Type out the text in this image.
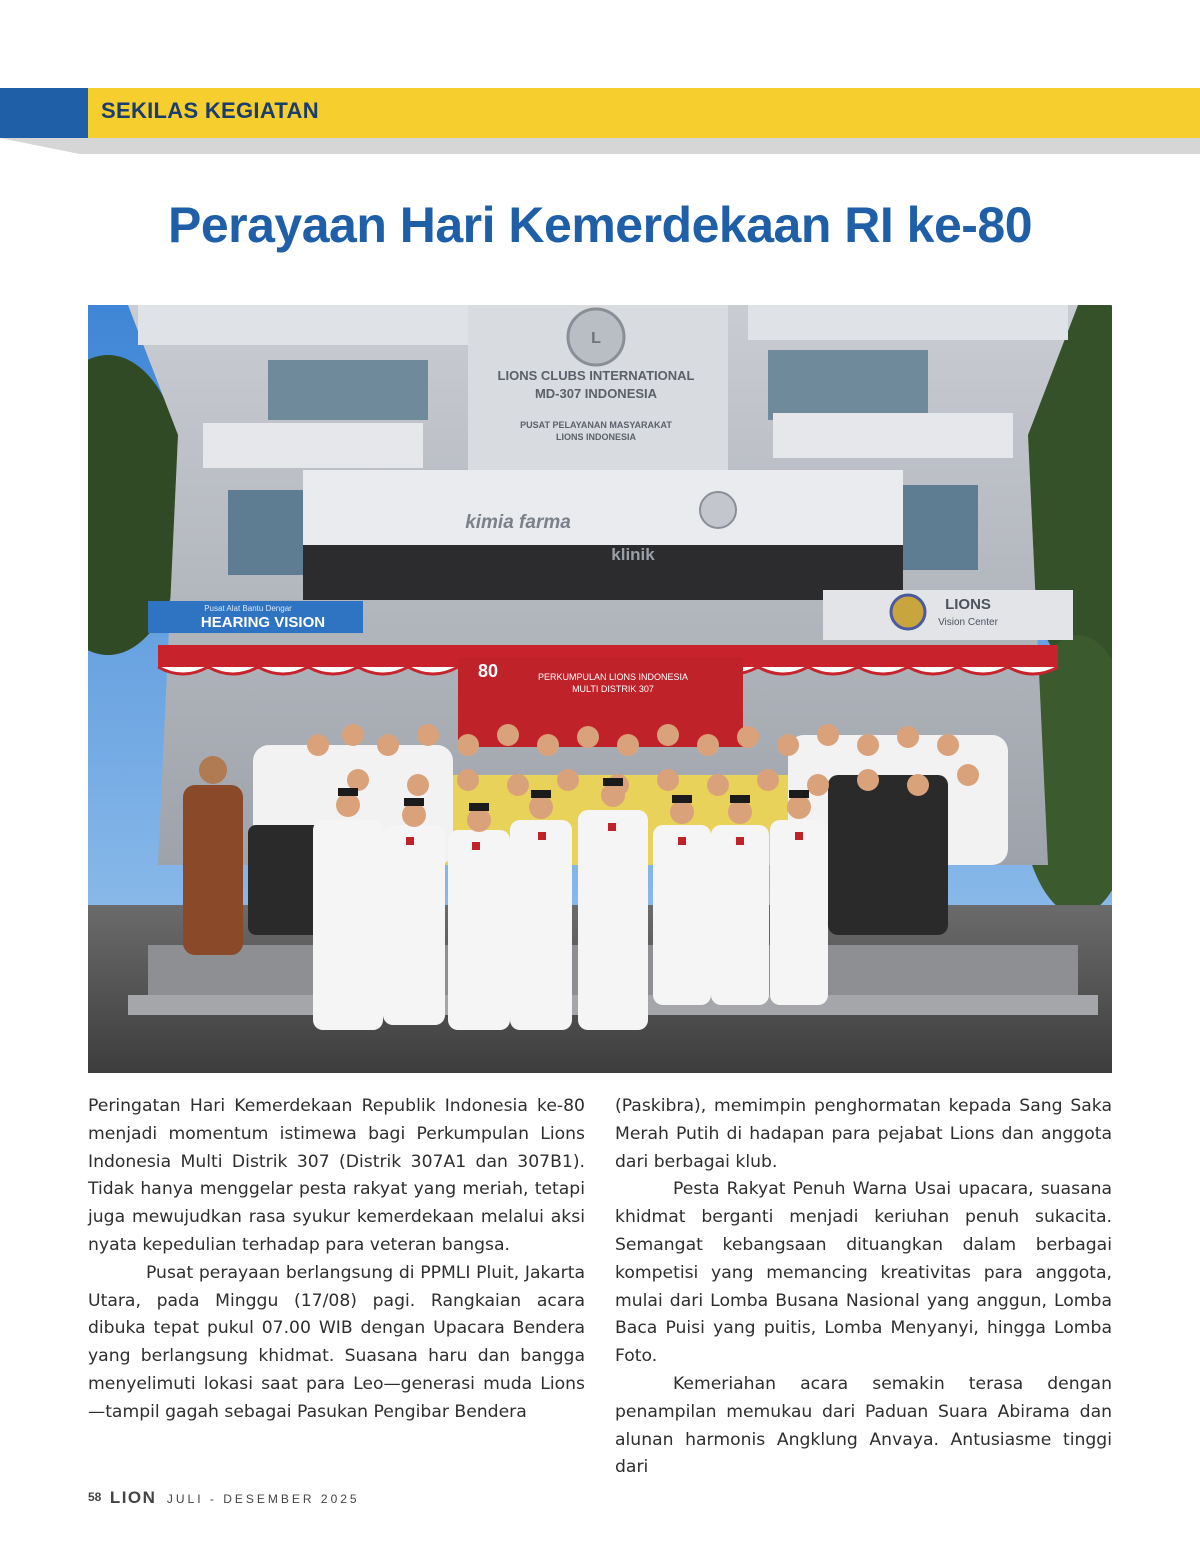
SEKILAS KEGIATAN
Perayaan Hari Kemerdekaan RI ke-80
L
LIONS CLUBS INTERNATIONAL
MD-307 INDONESIA
PUSAT PELAYANAN MASYARAKAT
LIONS INDONESIA
kimia farma
klinik
Pusat Alat Bantu Dengar
HEARING VISION
LIONS
Vision Center
80	PERKUMPULAN LIONS INDONESIA
MULTI DISTRIK 307

Peringatan Hari Kemerdekaan Republik Indonesia ke-80 menjadi momentum istimewa bagi Perkumpulan Lions Indonesia Multi Distrik 307 (Distrik 307A1 dan 307B1). Tidak hanya menggelar pesta rakyat yang meriah, tetapi juga mewujudkan rasa syukur kemerdekaan melalui aksi nyata kepedulian terhadap para veteran bangsa.

Pusat perayaan berlangsung di PPMLI Pluit, Jakarta Utara, pada Minggu (17/08) pagi. Rangkaian acara dibuka tepat pukul 07.00 WIB dengan Upacara Bendera yang berlangsung khidmat. Suasana haru dan bangga menyelimuti lokasi saat para Leo—generasi muda Lions—tampil gagah sebagai Pasukan Pengibar Bendera

(Paskibra), memimpin penghormatan kepada Sang Saka Merah Putih di hadapan para pejabat Lions dan anggota dari berbagai klub.

Pesta Rakyat Penuh Warna Usai upacara, suasana khidmat berganti menjadi keriuhan penuh sukacita. Semangat kebangsaan dituangkan dalam berbagai kompetisi yang memancing kreativitas para anggota, mulai dari Lomba Busana Nasional yang anggun, Lomba Baca Puisi yang puitis, Lomba Menyanyi, hingga Lomba Foto.

Kemeriahan acara semakin terasa dengan penampilan memukau dari Paduan Suara Abirama dan alunan harmonis Angklung Anvaya. Antusiasme tinggi dari

58 LION JULI - DESEMBER 2025
